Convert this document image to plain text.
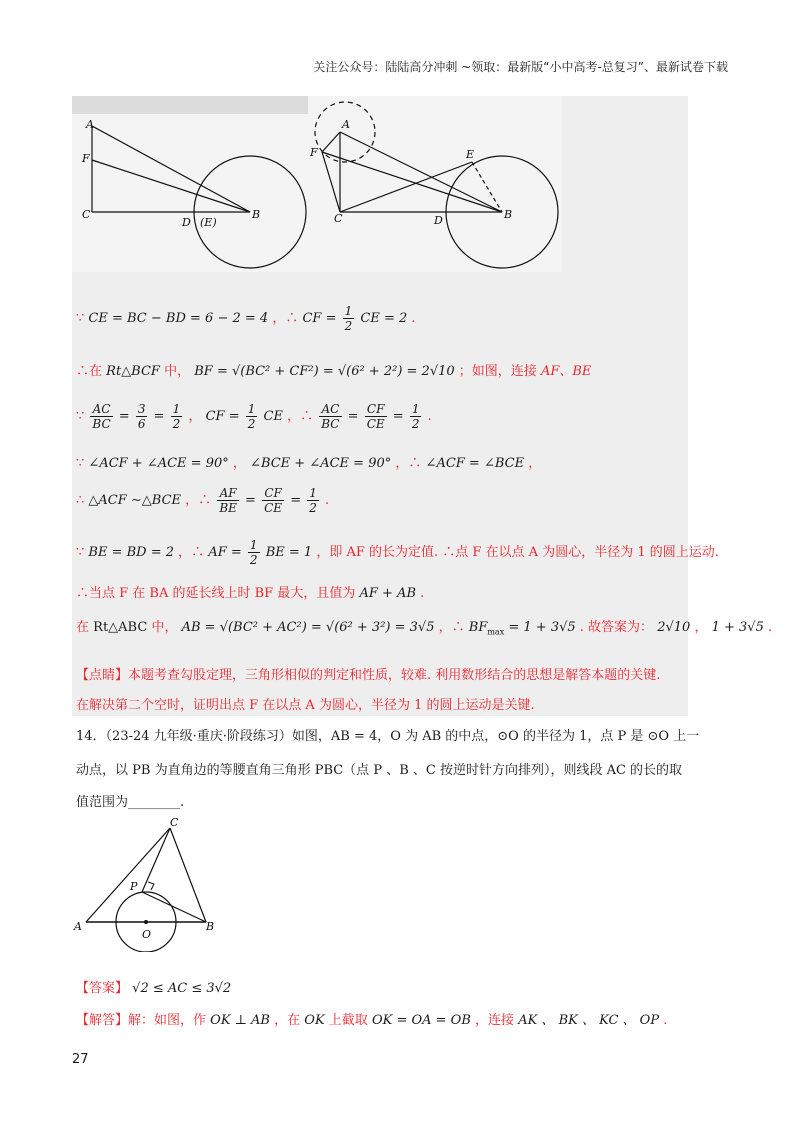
关注公众号：陆陆高分冲刺 ~领取：最新版“小中高考-总复习”、最新试卷下载
A
F
C
D (E)
B
A
F	E
C	D	B
∵ CE = BC − BD = 6 − 2 = 4 ，∴ CF = $\frac{1}{2}$ CE = 2 .
∴在 Rt△BCF 中， BF = √(BC² + CF²) = √(6² + 2²) = 2√10 ；如图，连接 AF、BE
∵ $\frac{AC}{BC} = \frac{3}{6} = \frac{1}{2}$ ， CF = $\frac{1}{2}$ CE ，∴ $\frac{AC}{BC} = \frac{CF}{CE} = \frac{1}{2}$ .
∵ ∠ACF + ∠ACE = 90° ， ∠BCE + ∠ACE = 90° ，∴ ∠ACF = ∠BCE ，
∴ △ACF ∼△BCE ，∴ $\frac{AF}{BE} = \frac{CF}{CE} = \frac{1}{2}$ .
∵ BE = BD = 2 ，∴ AF = $\frac{1}{2}$ BE = 1 ，即 AF 的长为定值. ∴点 F 在以点 A 为圆心，半径为 1 的圆上运动.
∴当点 F 在 BA 的延长线上时 BF 最大，且值为 AF + AB .
在 Rt△ABC 中， AB = √(BC² + AC²) = √(6² + 3²) = 3√5 ，∴ $BF_{max} = 1 + 3√5$ . 故答案为： 2√10 ， 1 + 3√5 .
【点睛】本题考查勾股定理，三角形相似的判定和性质，较难. 利用数形结合的思想是解答本题的关键.
在解决第二个空时，证明出点 F 在以点 A 为圆心，半径为 1 的圆上运动是关键.
14．（23-24 九年级·重庆·阶段练习）如图，AB = 4，O 为 AB 的中点，⊙O 的半径为 1，点 P 是 ⊙O 上一
动点，以 PB 为直角边的等腰直角三角形 PBC（点 P 、B 、C 按逆时针方向排列），则线段 AC 的长的取
值范围为________.
C
P
A
O
B
【答案】 √2 ≤ AC ≤ 3√2
【解答】解：如图，作 OK ⊥ AB ，在 OK 上截取 OK = OA = OB ，连接 AK 、 BK 、 KC 、 OP .
27
